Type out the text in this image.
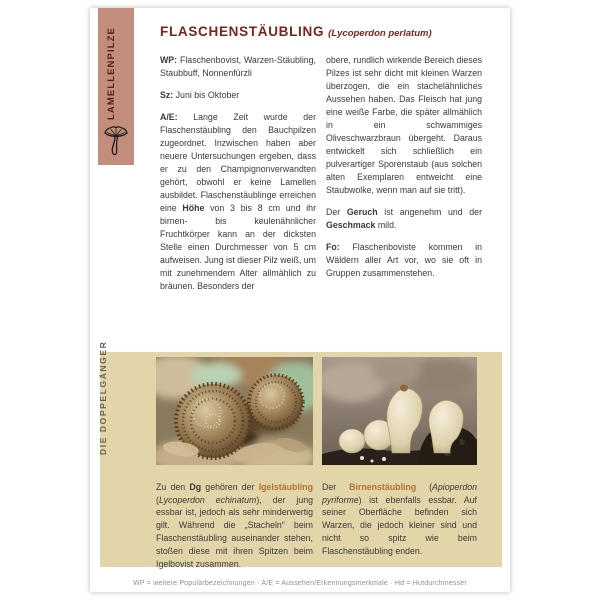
LAMELLENPILZE	FLASCHENSTÄUBLING (Lycoperdon perlatum)

WP: Flaschenbovist, Warzen-Stäubling, Staubbuff, Nonnenfürzli

Sz: Juni bis Oktober

A/E: Lange Zeit wurde der Flaschenstäubling den Bauchpilzen zugeordnet. Inzwischen haben aber neuere Untersuchungen ergeben, dass er zu den Champignonverwandten gehört, obwohl er keine Lamellen ausbildet. Flaschenstäublinge erreichen eine Höhe von 3 bis 8 cm und ihr birnen- bis keulenähnlicher Fruchtkörper kann an der dicksten Stelle einen Durchmesser von 5 cm aufweisen. Jung ist dieser Pilz weiß, um mit zunehmendem Alter allmählich zu bräunen. Besonders der

obere, rundlich wirkende Bereich dieses Pilzes ist sehr dicht mit kleinen Warzen überzogen, die ein stachelähnliches Aussehen haben. Das Fleisch hat jung eine weiße Farbe, die später allmählich in ein schwammiges Oliveschwarzbraun übergeht. Daraus entwickelt sich schließlich ein pulverartiger Sporenstaub (aus solchen alten Exemplaren entweicht eine Staubwolke, wenn man auf sie tritt).

Der Geruch ist angenehm und der Geschmack mild.

Fo: Flaschenboviste kommen in Wäldern aller Art vor, wo sie oft in Gruppen zusammenstehen.

DIE DOPPELGÄNGER

Zu den Dg gehören der Igelstäubling (Lycoperdon echinatum), der jung essbar ist, jedoch als sehr minderwertig gilt. Während die „Stacheln“ beim Flaschenstäubling auseinander stehen, stoßen diese mit ihren Spitzen beim Igelbovist zusammen.

Der Birnenstäubling (Apioperdon pyriforme) ist ebenfalls essbar. Auf seiner Oberfläche befinden sich Warzen, die jedoch kleiner sind und nicht so spitz wie beim Flaschenstäubling enden.

WP = weitere Populärbezeichnungen · A/E = Aussehen/Erkennungsmerkmale · Hd = Hutdurchmesser
